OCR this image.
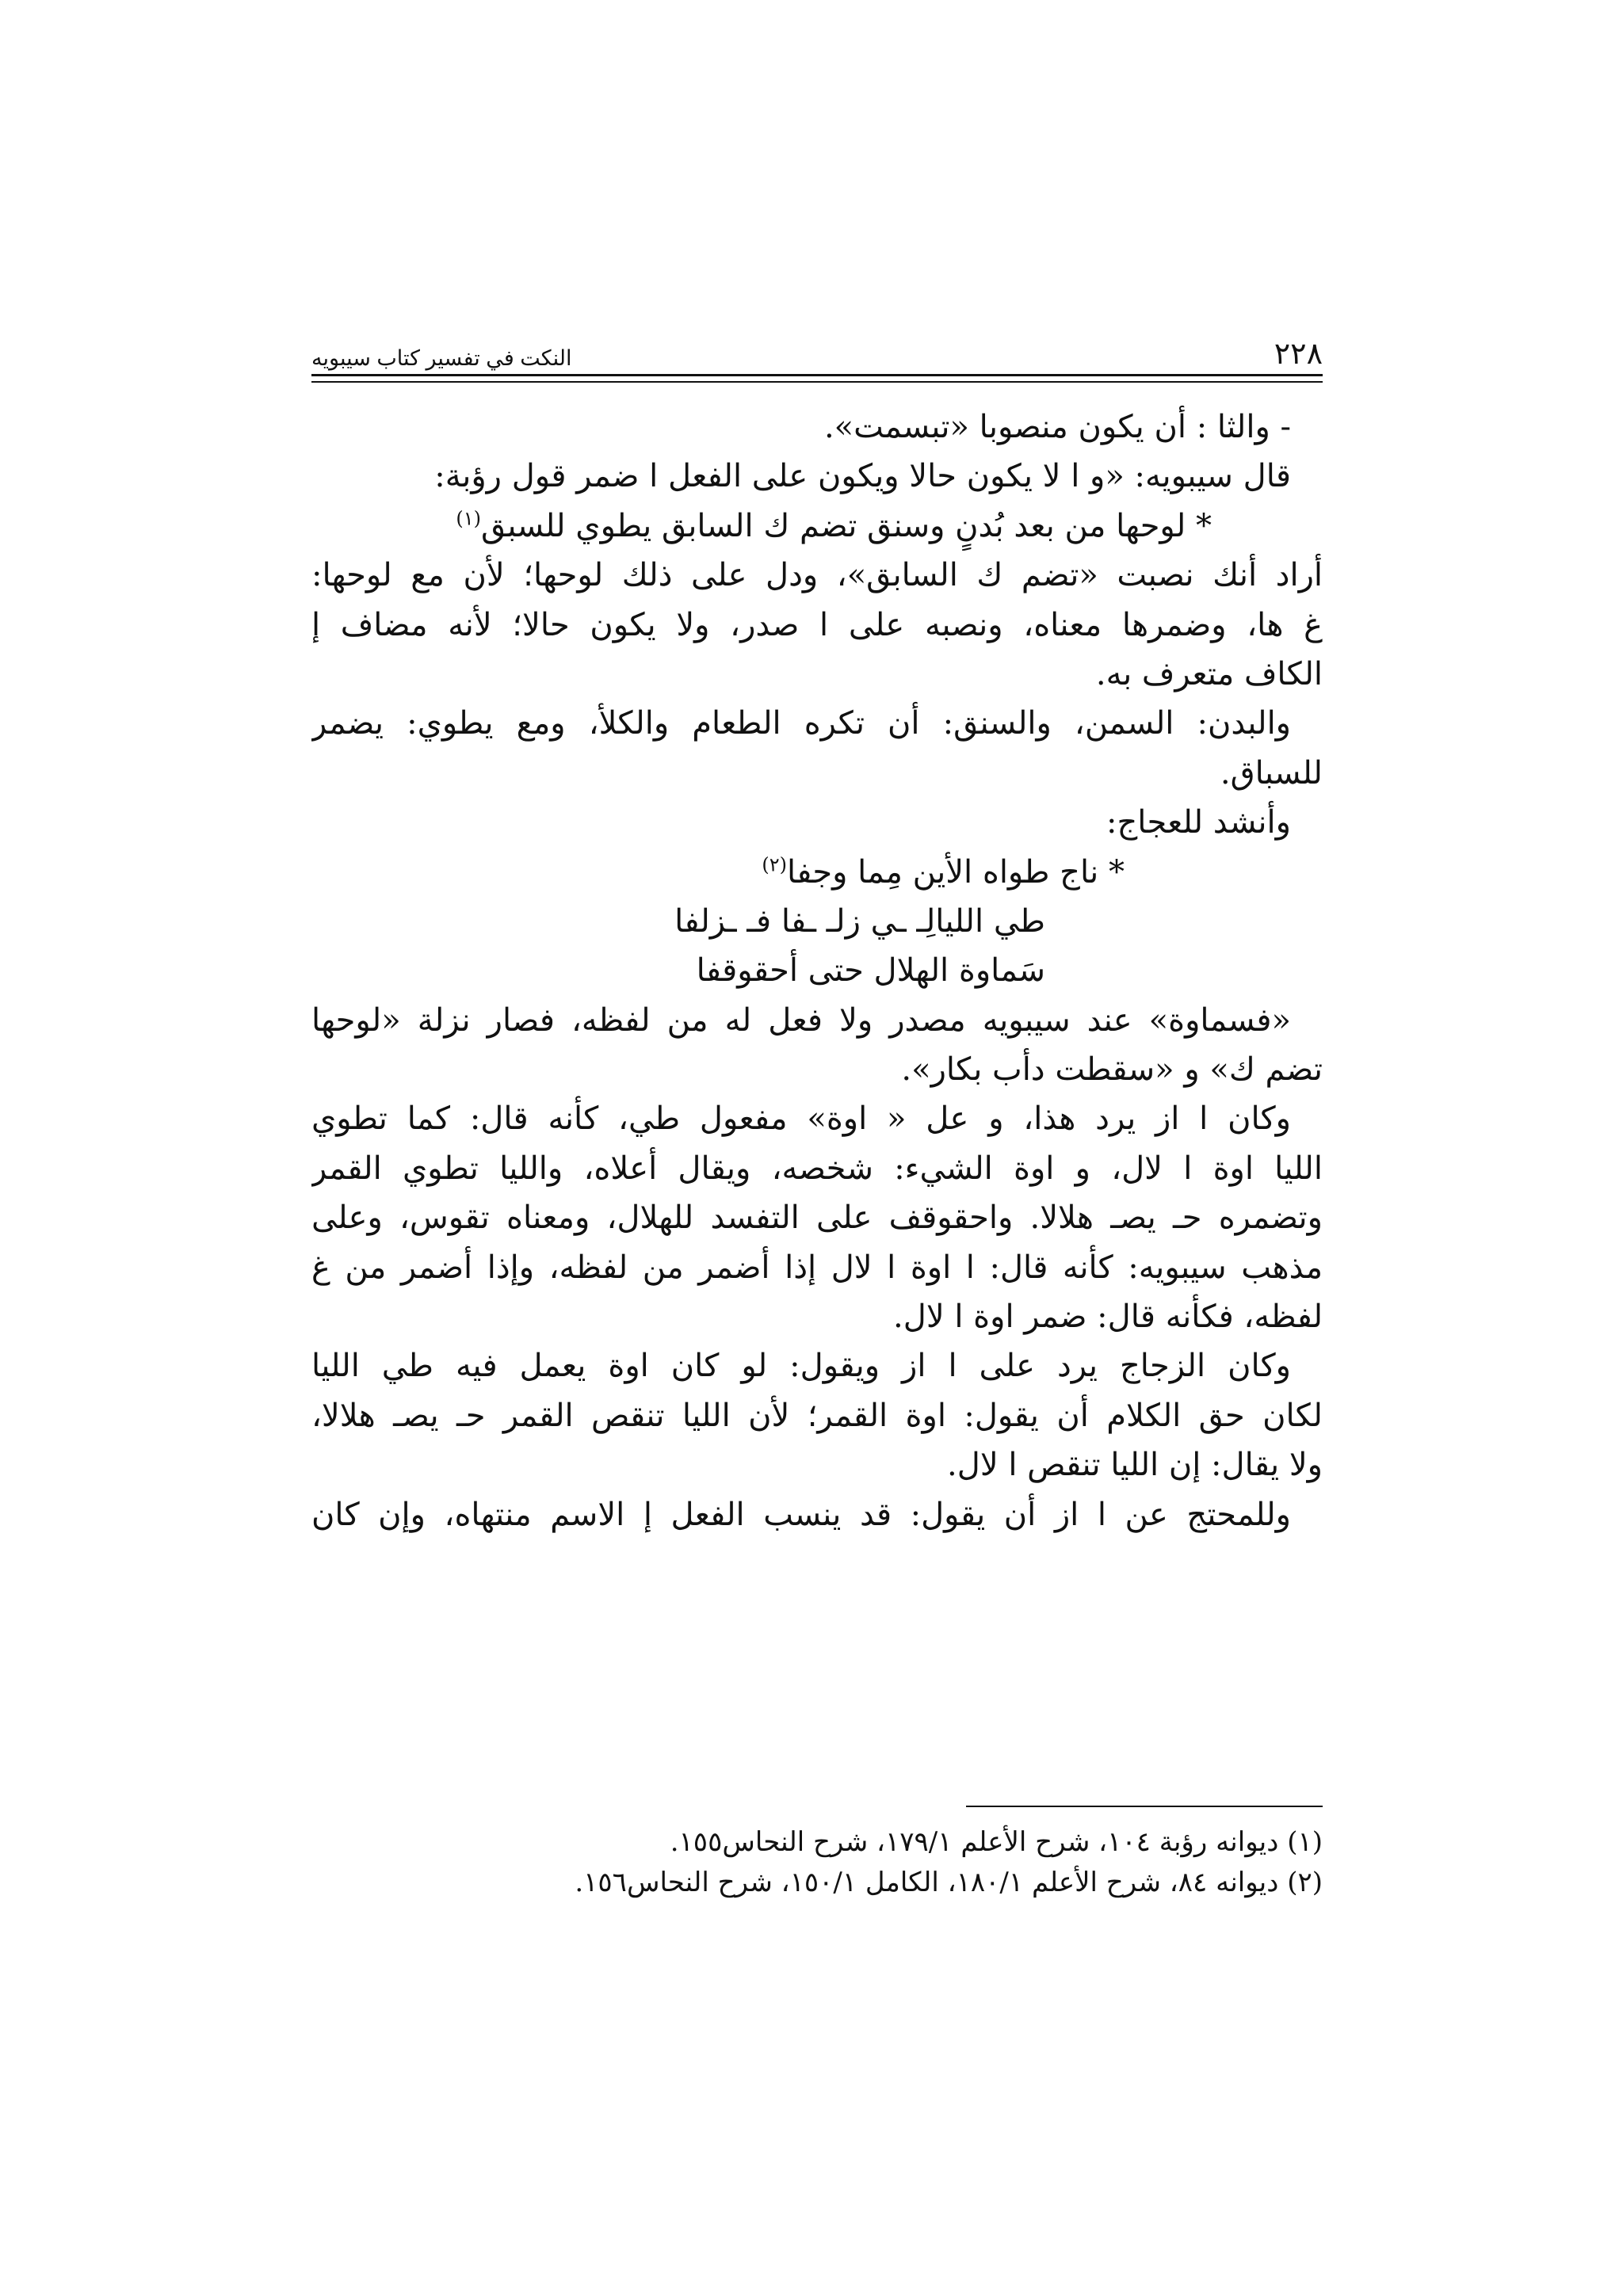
٢٢٨
النكت في تفسير كتاب سيبويه
- والثا : أن يكون منصوبا «تبسمت».
قال سيبويه: «و ا لا يكون حالا ويكون على الفعل ا ضمر قول رؤبة:
* لوحها من بعد بُدنٍ وسنق تضم ك السابق يطوي للسبق$^{(١)}$
أراد أنك نصبت «تضم ك السابق»، ودل على ذلك لوحها؛ لأن مع لوحها:
غ ها، وضمرها معناه، ونصبه على ا صدر، ولا يكون حالا؛ لأنه مضاف إ
الكاف متعرف به.
والبدن: السمن، والسنق: أن تكره الطعام والكلأ، ومع يطوي: يضمر
للسباق.
وأنشد للعجاج:
* ناج طواه الأين مِما وجفا$^{(٢)}$
طي الليالِـ ـي زلـ ـفا فـ ـزلفا
سَماوة الهلال حتى أحقوقفا
«فسماوة» عند سيبويه مصدر ولا فعل له من لفظه، فصار نزلة «لوحها
تضم ك» و «سقطت دأب بكار».
وكان ا از يرد هذا، و عل « اوة» مفعول طي، كأنه قال: كما تطوي
الليا اوة ا لال، و اوة الشيء: شخصه، ويقال أعلاه، والليا تطوي القمر
وتضمره حـ يصـ هلالا. واحقوقف على التفسد للهلال، ومعناه تقوس، وعلى
مذهب سيبويه: كأنه قال: ا اوة ا لال إذا أضمر من لفظه، وإذا أضمر من غ
لفظه، فكأنه قال: ضمر اوة ا لال.
وكان الزجاج يرد على ا از ويقول: لو كان اوة يعمل فيه طي الليا
لكان حق الكلام أن يقول: اوة القمر؛ لأن الليا تنقص القمر حـ يصـ هلالا،
ولا يقال: إن الليا تنقص ا لال.
وللمحتج عن ا از أن يقول: قد ينسب الفعل إ الاسم منتهاه، وإن كان
(١) ديوانه رؤبة ١٠٤، شرح الأعلم ١٧٩/١، شرح النحاس١٥٥.
(٢) ديوانه ٨٤، شرح الأعلم ١٨٠/١، الكامل ١٥٠/١، شرح النحاس١٥٦.
